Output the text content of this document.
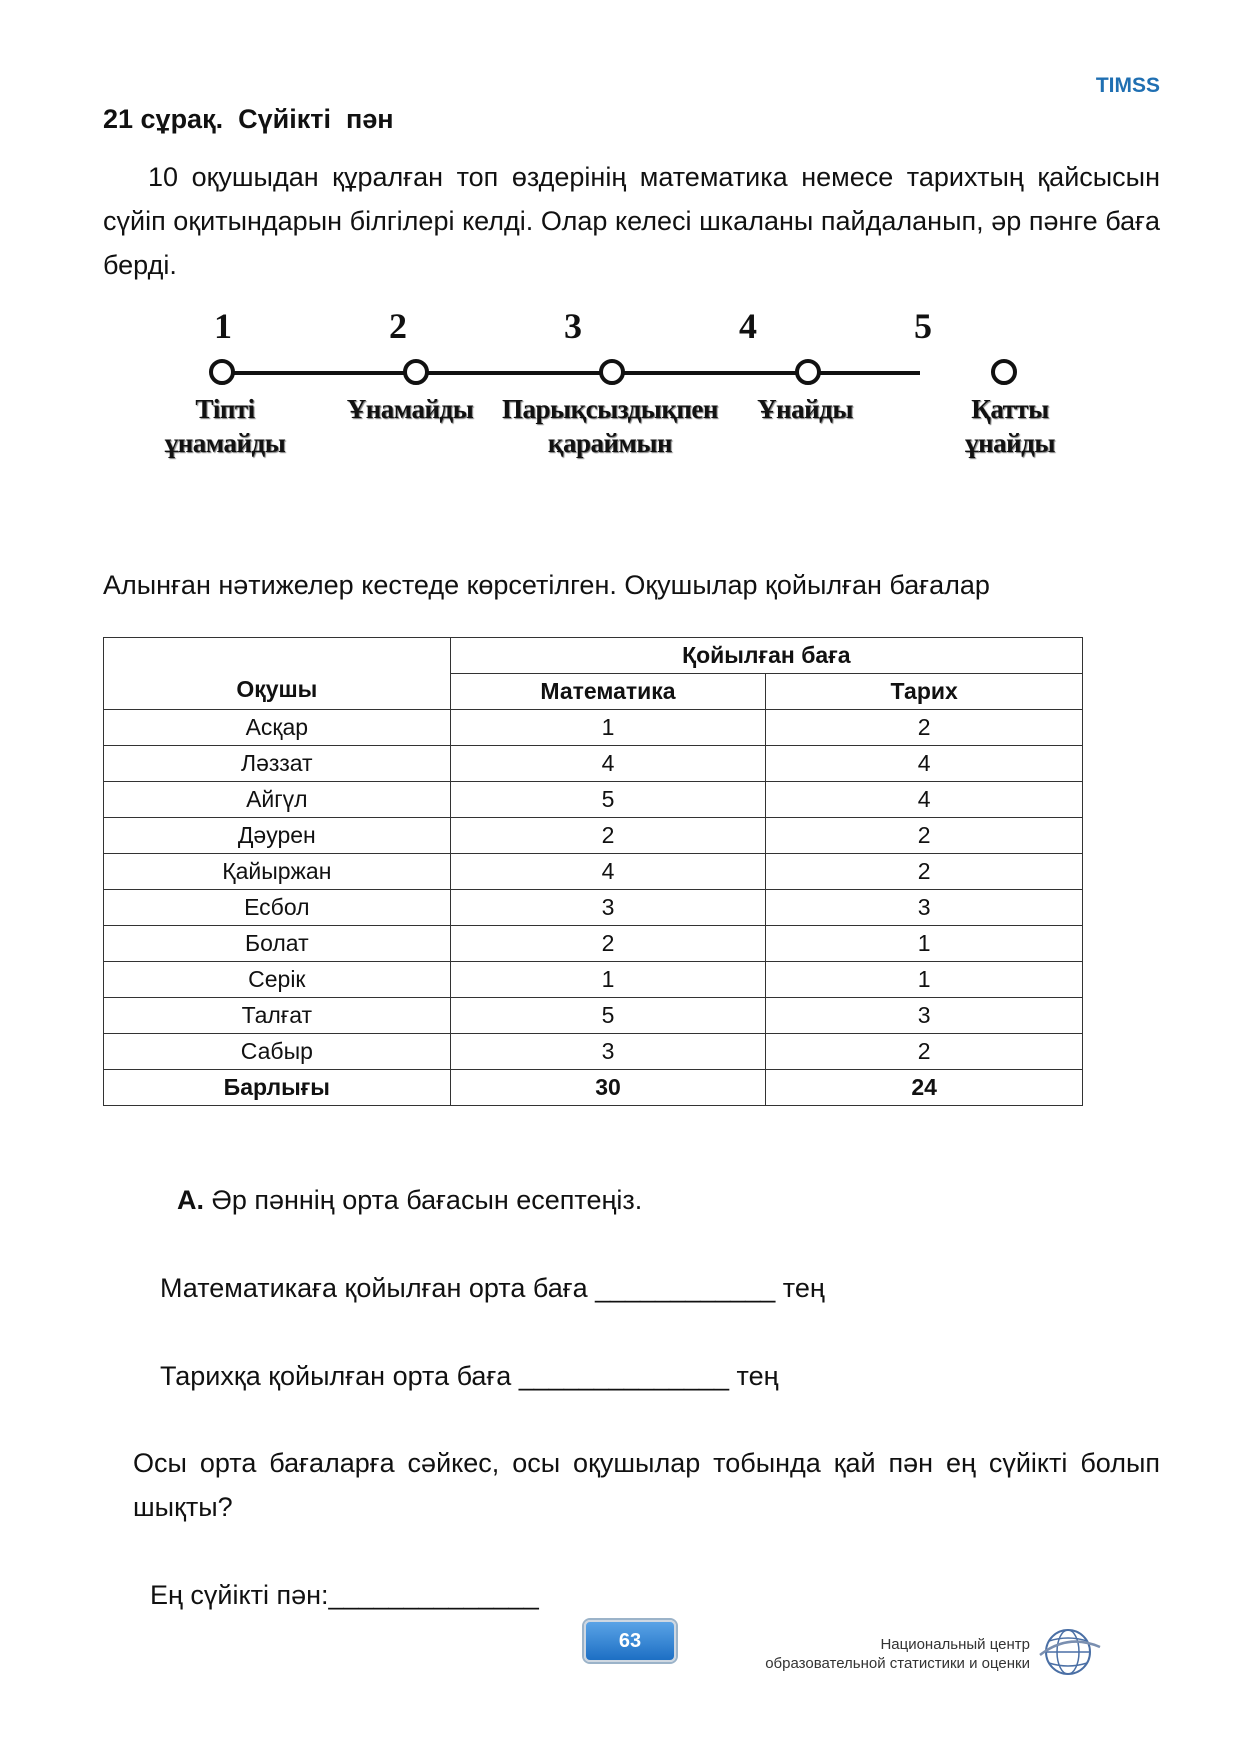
TIMSS
21 сұрақ.  Сүйікті  пән
10 оқушыдан құралған топ өздерінің математика немесе тарихтың қайсысын сүйіп оқитындарын білгілері келді. Олар келесі шкаланы пайдаланып, әр пәнге баға берді.
1	2	3	4	5
Тіпті
ұнамайды
Ұнамайды	Парықсыздықпен
қараймын
Ұнайды	Қатты
ұнайды
Алынған нәтижелер кестеде көрсетілген. Оқушылар қойылған бағалар
Оқушы	Қойылған баға	
	Математика	Тарих
Асқар	1	2
Ләззат	4	4
Айгүл	5	4
Дәурен	2	2
Қайыржан	4	2
Есбол	3	3
Болат	2	1
Серік	1	1
Талғат	5	3
Сабыр	3	2
Барлығы	30	24
А. Әр пәннің орта бағасын есептеңіз.
Математикаға қойылған орта баға ____________ тең
Тарихқа қойылған орта баға ______________ тең
Осы орта бағаларға сәйкес, осы оқушылар тобында қай пән ең сүйікті болып шықты?
Ең сүйікті пән:______________
63	Национальный центр
образовательной статистики и оценки
